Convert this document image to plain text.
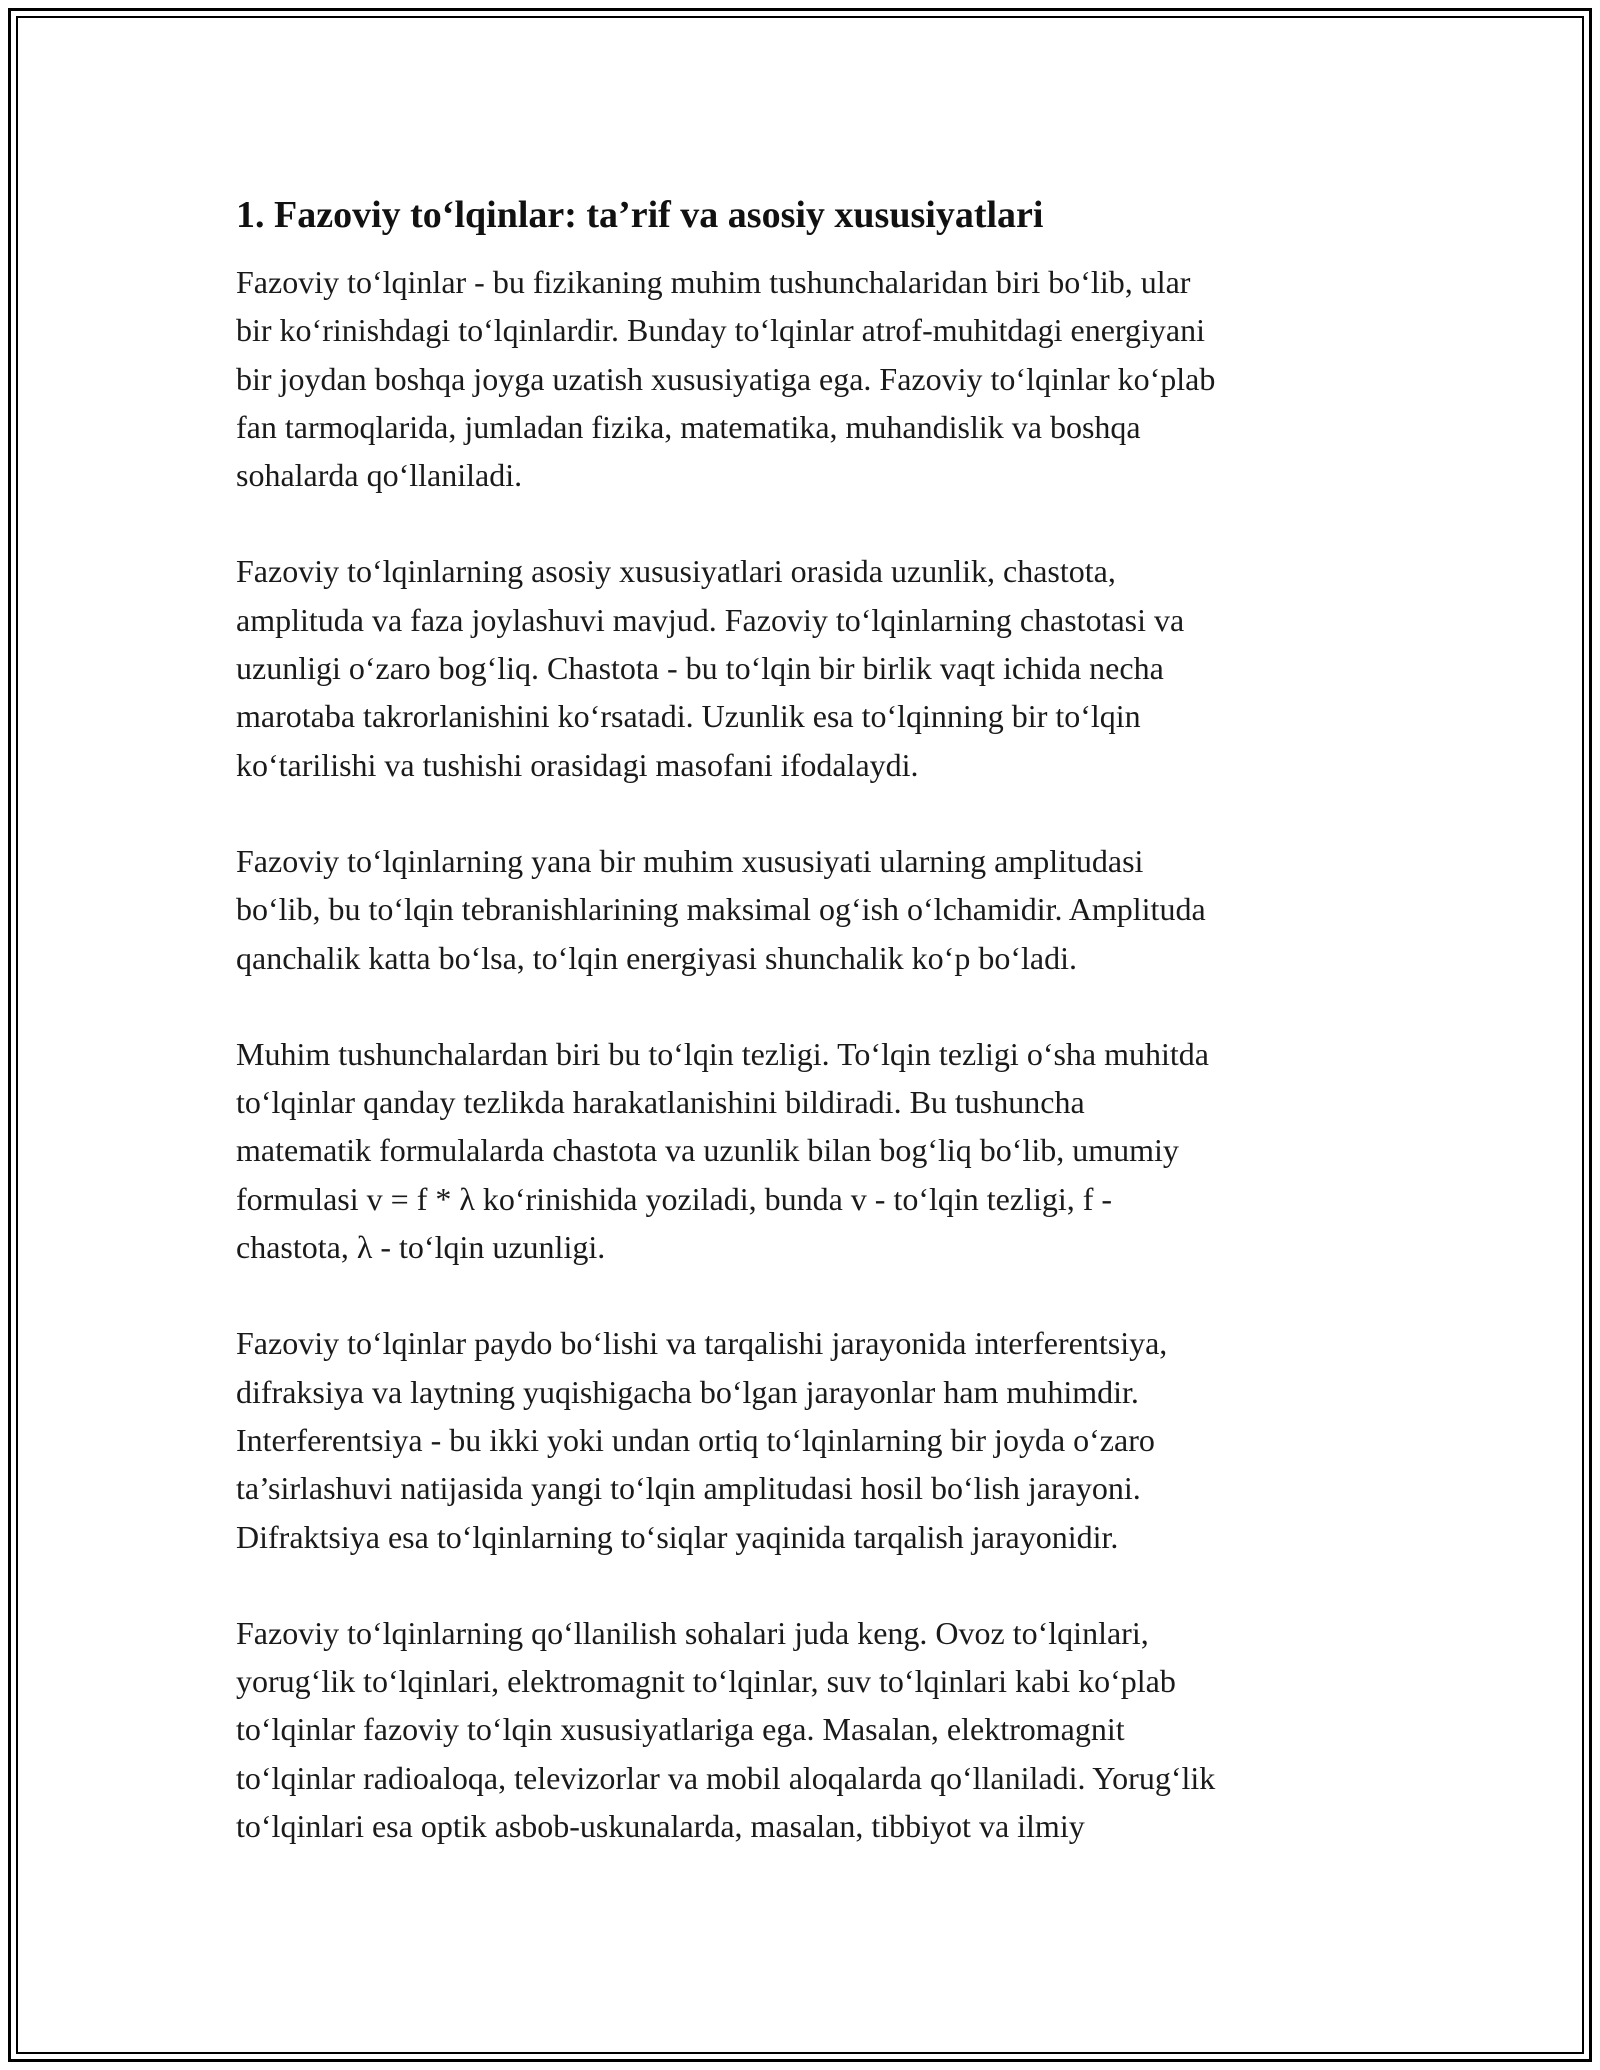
1. Fazoviy to‘lqinlar: ta’rif va asosiy xususiyatlari

Fazoviy to‘lqinlar - bu fizikaning muhim tushunchalaridan biri bo‘lib, ular
bir ko‘rinishdagi to‘lqinlardir. Bunday to‘lqinlar atrof-muhitdagi energiyani
bir joydan boshqa joyga uzatish xususiyatiga ega. Fazoviy to‘lqinlar ko‘plab
fan tarmoqlarida, jumladan fizika, matematika, muhandislik va boshqa
sohalarda qo‘llaniladi.

Fazoviy to‘lqinlarning asosiy xususiyatlari orasida uzunlik, chastota,
amplituda va faza joylashuvi mavjud. Fazoviy to‘lqinlarning chastotasi va
uzunligi o‘zaro bog‘liq. Chastota - bu to‘lqin bir birlik vaqt ichida necha
marotaba takrorlanishini ko‘rsatadi. Uzunlik esa to‘lqinning bir to‘lqin
ko‘tarilishi va tushishi orasidagi masofani ifodalaydi.

Fazoviy to‘lqinlarning yana bir muhim xususiyati ularning amplitudasi
bo‘lib, bu to‘lqin tebranishlarining maksimal og‘ish o‘lchamidir. Amplituda
qanchalik katta bo‘lsa, to‘lqin energiyasi shunchalik ko‘p bo‘ladi.

Muhim tushunchalardan biri bu to‘lqin tezligi. To‘lqin tezligi o‘sha muhitda
to‘lqinlar qanday tezlikda harakatlanishini bildiradi. Bu tushuncha
matematik formulalarda chastota va uzunlik bilan bog‘liq bo‘lib, umumiy
formulasi v = f * λ ko‘rinishida yoziladi, bunda v - to‘lqin tezligi, f -
chastota, λ - to‘lqin uzunligi.

Fazoviy to‘lqinlar paydo bo‘lishi va tarqalishi jarayonida interferentsiya,
difraksiya va laytning yuqishigacha bo‘lgan jarayonlar ham muhimdir.
Interferentsiya - bu ikki yoki undan ortiq to‘lqinlarning bir joyda o‘zaro
ta’sirlashuvi natijasida yangi to‘lqin amplitudasi hosil bo‘lish jarayoni.
Difraktsiya esa to‘lqinlarning to‘siqlar yaqinida tarqalish jarayonidir.

Fazoviy to‘lqinlarning qo‘llanilish sohalari juda keng. Ovoz to‘lqinlari,
yorug‘lik to‘lqinlari, elektromagnit to‘lqinlar, suv to‘lqinlari kabi ko‘plab
to‘lqinlar fazoviy to‘lqin xususiyatlariga ega. Masalan, elektromagnit
to‘lqinlar radioaloqa, televizorlar va mobil aloqalarda qo‘llaniladi. Yorug‘lik
to‘lqinlari esa optik asbob-uskunalarda, masalan, tibbiyot va ilmiy
